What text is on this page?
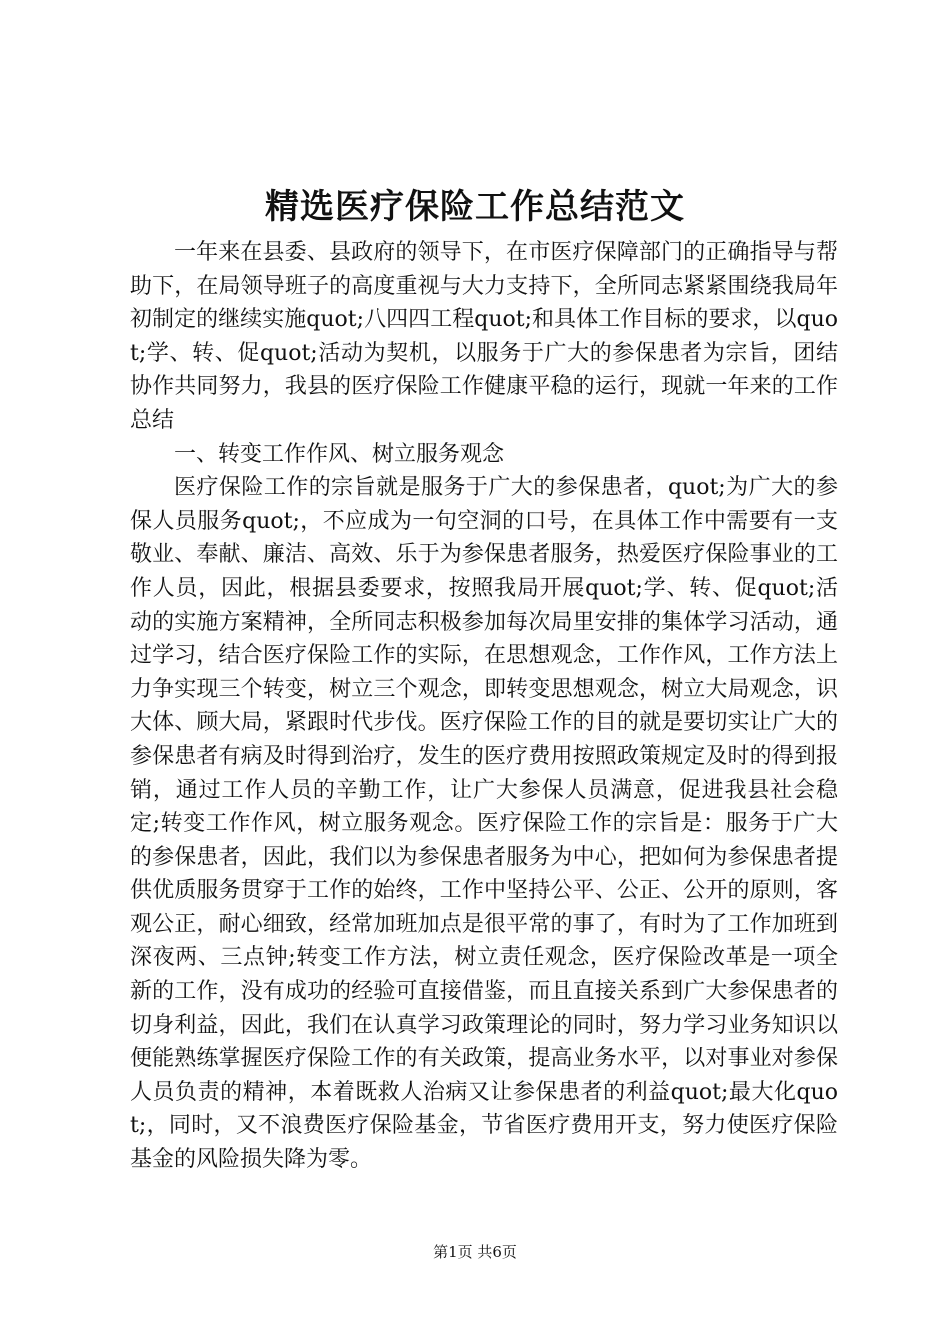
精选医疗保险工作总结范文

一年来在县委、县政府的领导下，在市医疗保障部门的正确指导与帮助下，在局领导班子的高度重视与大力支持下，全所同志紧紧围绕我局年初制定的继续实施quot;八四四工程quot;和具体工作目标的要求，以quot;学、转、促quot;活动为契机，以服务于广大的参保患者为宗旨，团结协作共同努力，我县的医疗保险工作健康平稳的运行，现就一年来的工作总结

一、转变工作作风、树立服务观念

医疗保险工作的宗旨就是服务于广大的参保患者，quot;为广大的参保人员服务quot;，不应成为一句空洞的口号，在具体工作中需要有一支敬业、奉献、廉洁、高效、乐于为参保患者服务，热爱医疗保险事业的工作人员，因此，根据县委要求，按照我局开展quot;学、转、促quot;活动的实施方案精神，全所同志积极参加每次局里安排的集体学习活动，通过学习，结合医疗保险工作的实际，在思想观念，工作作风，工作方法上力争实现三个转变，树立三个观念，即转变思想观念，树立大局观念，识大体、顾大局，紧跟时代步伐。医疗保险工作的目的就是要切实让广大的参保患者有病及时得到治疗，发生的医疗费用按照政策规定及时的得到报销，通过工作人员的辛勤工作，让广大参保人员满意，促进我县社会稳定;转变工作作风，树立服务观念。医疗保险工作的宗旨是：服务于广大的参保患者，因此，我们以为参保患者服务为中心，把如何为参保患者提供优质服务贯穿于工作的始终，工作中坚持公平、公正、公开的原则，客观公正，耐心细致，经常加班加点是很平常的事了，有时为了工作加班到深夜两、三点钟;转变工作方法，树立责任观念，医疗保险改革是一项全新的工作，没有成功的经验可直接借鉴，而且直接关系到广大参保患者的切身利益，因此，我们在认真学习政策理论的同时，努力学习业务知识以便能熟练掌握医疗保险工作的有关政策，提高业务水平，以对事业对参保人员负责的精神，本着既救人治病又让参保患者的利益quot;最大化quot;，同时，又不浪费医疗保险基金，节省医疗费用开支，努力使医疗保险基金的风险损失降为零。

第1页 共6页
